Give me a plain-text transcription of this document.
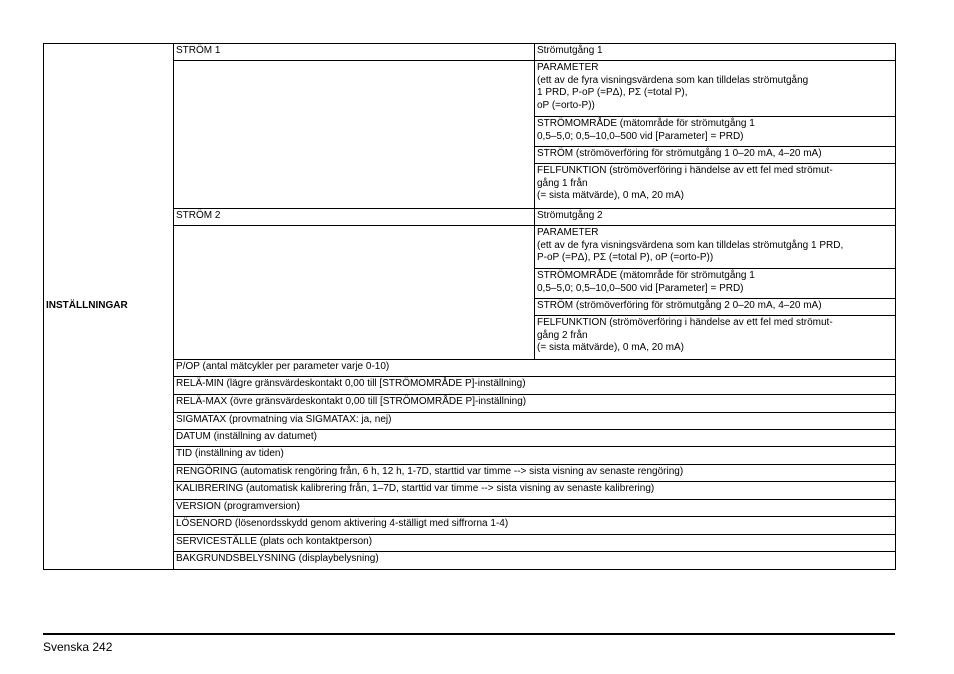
INSTÄLLNINGAR	STRÖM 1	Strömutgång 1
		PARAMETER
(ett av de fyra visningsvärdena som kan tilldelas strömutgång
1 PRD, P-oP (=PΔ), PΣ (=total P),
oP (=orto-P))
		STRÖMOMRÅDE (mätområde för strömutgång 1
0,5–5,0; 0,5–10,0–500 vid [Parameter] = PRD)
		STRÖM (strömöverföring för strömutgång 1 0–20 mA, 4–20 mA)
		FELFUNKTION (strömöverföring i händelse av ett fel med strömut-
gång 1 från
(= sista mätvärde), 0 mA, 20 mA)
	STRÖM 2	Strömutgång 2
		PARAMETER
(ett av de fyra visningsvärdena som kan tilldelas strömutgång 1 PRD,
P-oP (=PΔ), PΣ (=total P), oP (=orto-P))
		STRÖMOMRÅDE (mätområde för strömutgång 1
0,5–5,0; 0,5–10,0–500 vid [Parameter] = PRD)
		STRÖM (strömöverföring för strömutgång 2 0–20 mA, 4–20 mA)
		FELFUNKTION (strömöverföring i händelse av ett fel med strömut-
gång 2 från
(= sista mätvärde), 0 mA, 20 mA)
	P/OP (antal mätcykler per parameter varje 0-10)	
	RELÄ-MIN (lägre gränsvärdeskontakt 0,00 till [STRÖMOMRÅDE P]-inställning)	
	RELÄ-MAX (övre gränsvärdeskontakt 0,00 till [STRÖMOMRÅDE P]-inställning)	
	SIGMATAX (provmatning via SIGMATAX: ja, nej)	
	DATUM (inställning av datumet)	
	TID (inställning av tiden)	
	RENGÖRING (automatisk rengöring från, 6 h, 12 h, 1-7D, starttid var timme --> sista visning av senaste rengöring)	
	KALIBRERING (automatisk kalibrering från, 1–7D, starttid var timme --> sista visning av senaste kalibrering)	
	VERSION (programversion)	
	LÖSENORD (lösenordsskydd genom aktivering 4-ställigt med siffrorna 1-4)	
	SERVICESTÄLLE (plats och kontaktperson)	
	BAKGRUNDSBELYSNING (displaybelysning)	
Svenska 242
